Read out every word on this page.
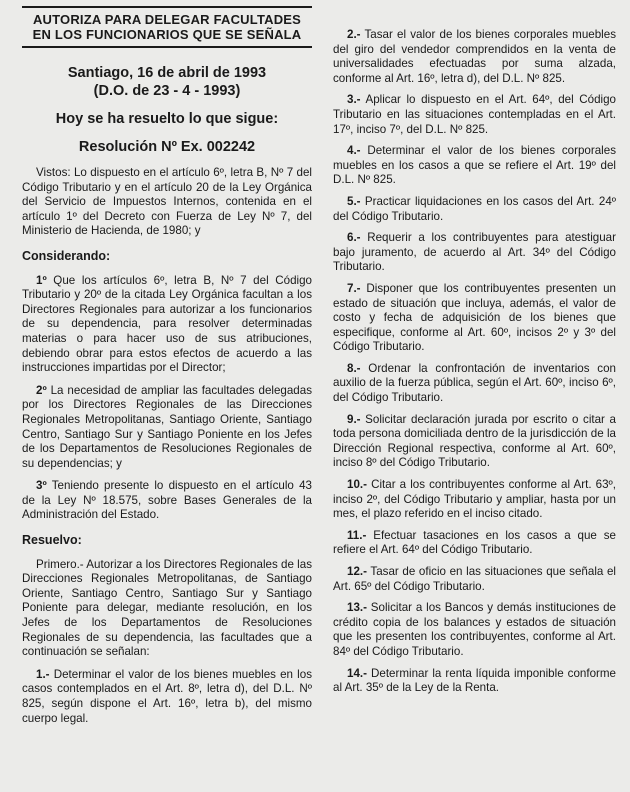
AUTORIZA PARA DELEGAR FACULTADES
EN LOS FUNCIONARIOS QUE SE SEÑALA

Santiago, 16 de abril de 1993

(D.O. de 23 - 4 - 1993)

Hoy se ha resuelto lo que sigue:

Resolución Nº Ex. 002242

Vistos: Lo dispuesto en el artículo 6º, letra B, Nº 7 del Código Tributario y en el artículo 20 de la Ley Orgánica del Servicio de Impuestos Internos, contenida en el artículo 1º del Decreto con Fuerza de Ley Nº 7, del Ministerio de Hacienda, de 1980; y

Considerando:

1º Que los artículos 6º, letra B, Nº 7 del Código Tributario y 20º de la citada Ley Orgánica facultan a los Directores Regionales para autorizar a los funcionarios de su dependencia, para resolver determinadas materias o para hacer uso de sus atribuciones, debiendo obrar para estos efectos de acuerdo a las instrucciones impartidas por el Director;

2º La necesidad de ampliar las facultades delegadas por los Directores Regionales de las Direcciones Regionales Metropolitanas, Santiago Oriente, Santiago Centro, Santiago Sur y Santiago Poniente en los Jefes de los Departamentos de Resoluciones Regionales de su dependencias; y

3º Teniendo presente lo dispuesto en el artículo 43 de la Ley Nº 18.575, sobre Bases Generales de la Administración del Estado.

Resuelvo:

Primero.- Autorizar a los Directores Regionales de las Direcciones Regionales Metropolitanas, de Santiago Oriente, Santiago Centro, Santiago Sur y Santiago Poniente para delegar, mediante resolución, en los Jefes de los Departamentos de Resoluciones Regionales de su dependencia, las facultades que a continuación se señalan:

1.- Determinar el valor de los bienes muebles en los casos contemplados en el Art. 8º, letra d), del D.L. Nº 825, según dispone el Art. 16º, letra b), del mismo cuerpo legal.

2.- Tasar el valor de los bienes corporales muebles del giro del vendedor comprendidos en la venta de universalidades efectuadas por suma alzada, conforme al Art. 16º, letra d), del D.L. Nº 825.

3.- Aplicar lo dispuesto en el Art. 64º, del Código Tributario en las situaciones contempladas en el Art. 17º, inciso 7º, del D.L. Nº 825.

4.- Determinar el valor de los bienes corporales muebles en los casos a que se refiere el Art. 19º del D.L. Nº 825.

5.- Practicar liquidaciones en los casos del Art. 24º del Código Tributario.

6.- Requerir a los contribuyentes para atestiguar bajo juramento, de acuerdo al Art. 34º del Código Tributario.

7.- Disponer que los contribuyentes presenten un estado de situación que incluya, además, el valor de costo y fecha de adquisición de los bienes que especifique, conforme al Art. 60º, incisos 2º y 3º del Código Tributario.

8.- Ordenar la confrontación de inventarios con auxilio de la fuerza pública, según el Art. 60º, inciso 6º, del Código Tributario.

9.- Solicitar declaración jurada por escrito o citar a toda persona domiciliada dentro de la jurisdicción de la Dirección Regional respectiva, conforme al Art. 60º, inciso 8º del Código Tributario.

10.- Citar a los contribuyentes conforme al Art. 63º, inciso 2º, del Código Tributario y ampliar, hasta por un mes, el plazo referido en el inciso citado.

11.- Efectuar tasaciones en los casos a que se refiere el Art. 64º del Código Tributario.

12.- Tasar de oficio en las situaciones que señala el Art. 65º del Código Tributario.

13.- Solicitar a los Bancos y demás instituciones de crédito copia de los balances y estados de situación que les presenten los contribuyentes, conforme al Art. 84º del Código Tributario.

14.- Determinar la renta líquida imponible conforme al Art. 35º de la Ley de la Renta.
